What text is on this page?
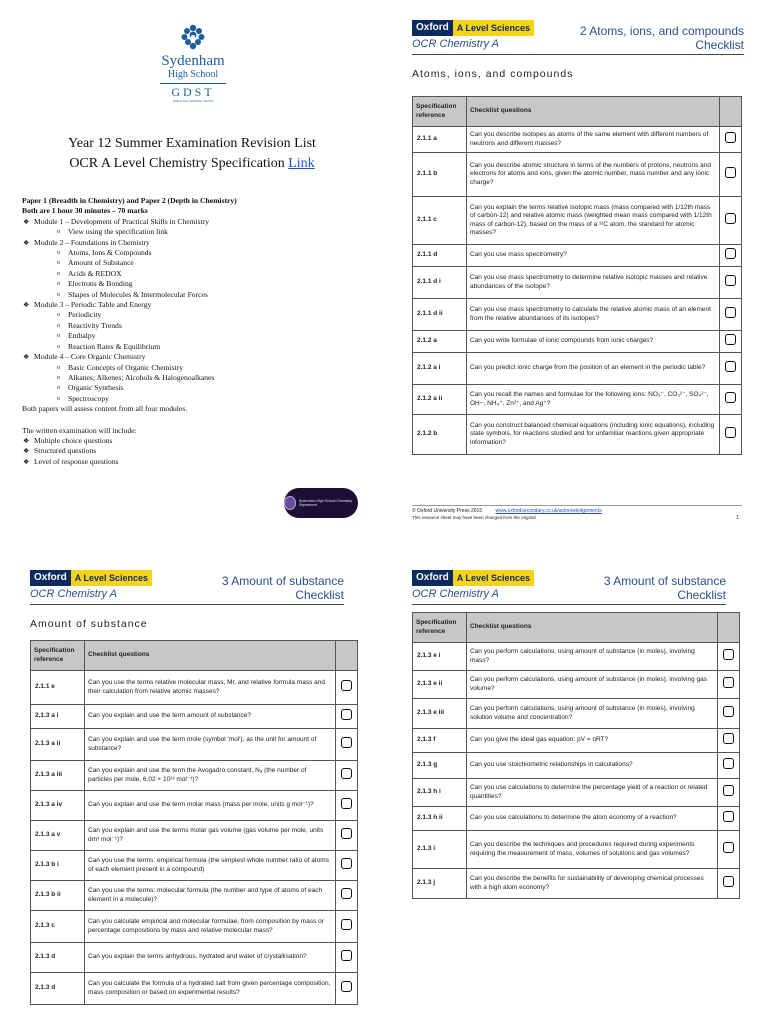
Sydenham
High School
GDST
GIRLS' DAY SCHOOL TRUST
Year 12 Summer Examination Revision List
OCR A Level Chemistry Specification Link
Paper 1 (Breadth in Chemistry) and Paper 2 (Depth in Chemistry)
Both are 1 hour 30 minutes – 70 marks
❖ Module 1 – Development of Practical Skills in Chemistry
o View using the specification link
❖ Module 2 – Foundations in Chemistry
o Atoms, Ions & Compounds
o Amount of Substance
o Acids & REDOX
o Electrons & Bonding
o Shapes of Molecules & Intermolecular Forces
❖ Module 3 – Periodic Table and Energy
o Periodicity
o Reactivity Trends
o Enthalpy
o Reaction Rates & Equilibrium
❖ Module 4 – Core Organic Chemistry
o Basic Concepts of Organic Chemistry
o Alkanes; Alkenes; Alcohols & Halogenoalkanes
o Organic Synthesis
o Spectroscopy
Both papers will assess content from all four modules.
The written examination will include:
❖ Multiple choice questions
❖ Structured questions
❖ Level of response questions
Sydenham High School Chemistry Department
Oxford A Level Sciences	2 Atoms, ions, and compounds
Checklist
OCR Chemistry A
Atoms, ions, and compounds
Specification reference	Checklist questions	
2.1.1 a	Can you describe isotopes as atoms of the same element with different numbers of neutrons and different masses?	
2.1.1 b	Can you describe atomic structure in terms of the numbers of protons, neutrons and electrons for atoms and ions, given the atomic number, mass number and any ionic charge?	
2.1.1 c	Can you explain the terms relative isotopic mass (mass compared with 1/12th mass of carbon-12) and relative atomic mass (weighted mean mass compared with 1/12th mass of carbon-12), based on the mass of a ¹²C atom, the standard for atomic masses?	
2.1.1 d	Can you use mass spectrometry?	
2.1.1 d i	Can you use mass spectrometry to determine relative isotopic masses and relative abundances of the isotope?	
2.1.1 d ii	Can you use mass spectrometry to calculate the relative atomic mass of an element from the relative abundances of its isotopes?	
2.1.2 a	Can you write formulae of ionic compounds from ionic charges?	
2.1.2 a i	Can you predict ionic charge from the position of an element in the periodic table?	
2.1.2 a ii	Can you recall the names and formulae for the following ions: NO₃⁻, CO₃²⁻, SO₄²⁻, OH−, NH₄⁺, Zn²⁺, and Ag⁺?	
2.1.2 b	Can you construct balanced chemical equations (including ionic equations), including state symbols, for reactions studied and for unfamiliar reactions given appropriate information?	
© Oxford University Press 2015	www.oxfordsecondary.co.uk/acknowledgements
This resource sheet may have been changed from the original	1
Oxford A Level Sciences	3 Amount of substance
Checklist
OCR Chemistry A
Amount of substance
Specification reference	Checklist questions	
2.1.1 e	Can you use the terms relative molecular mass, Mr, and relative formula mass and their calculation from relative atomic masses?	
2.1.3 a i	Can you explain and use the term amount of substance?	
2.1.3 a ii	Can you explain and use the term mole (symbol 'mol'), as the unit for amount of substance?	
2.1.3 a iii	Can you explain and use the term the Avogadro constant, Nₐ (the number of particles per mole, 6.02 × 10²³ mol⁻¹)?	
2.1.3 a iv	Can you explain and use the term molar mass (mass per mole, units g mol⁻¹)?	
2.1.3 a v	Can you explain and use the terms molar gas volume (gas volume per mole, units dm³ mol⁻¹)?	
2.1.3 b i	Can you use the terms: empirical formula (the simplest whole number ratio of atoms of each element present in a compound)	
2.1.3 b ii	Can you use the terms: molecular formula (the number and type of atoms of each element in a molecule)?	
2.1.3 c	Can you calculate empirical and molecular formulae, from composition by mass or percentage compositions by mass and relative molecular mass?	
2.1.3 d	Can you explain the terms anhydrous, hydrated and water of crystallisation?	
2.1.3 d	Can you calculate the formula of a hydrated salt from given percentage composition, mass composition or based on experimental results?	
Oxford A Level Sciences	3 Amount of substance
Checklist
OCR Chemistry A
Specification reference	Checklist questions	
2.1.3 e i	Can you perform calculations, using amount of substance (in moles), involving mass?	
2.1.3 e ii	Can you perform calculations, using amount of substance (in moles), involving gas volume?	
2.1.3 e iii	Can you perform calculations, using amount of substance (in moles), involving solution volume and concentration?	
2.1.3 f	Can you give the ideal gas equation: pV = nRT?	
2.1.3 g	Can you use stoichiometric relationships in calculations?	
2.1.3 h i	Can you use calculations to determine the percentage yield of a reaction or related quantities?	
2.1.3 h ii	Can you use calculations to determine the atom economy of a reaction?	
2.1.3 i	Can you describe the techniques and procedures required during experiments requiring the measurement of mass, volumes of solutions and gas volumes?	
2.1.3 j	Can you describe the benefits for sustainability of developing chemical processes with a high atom economy?	
